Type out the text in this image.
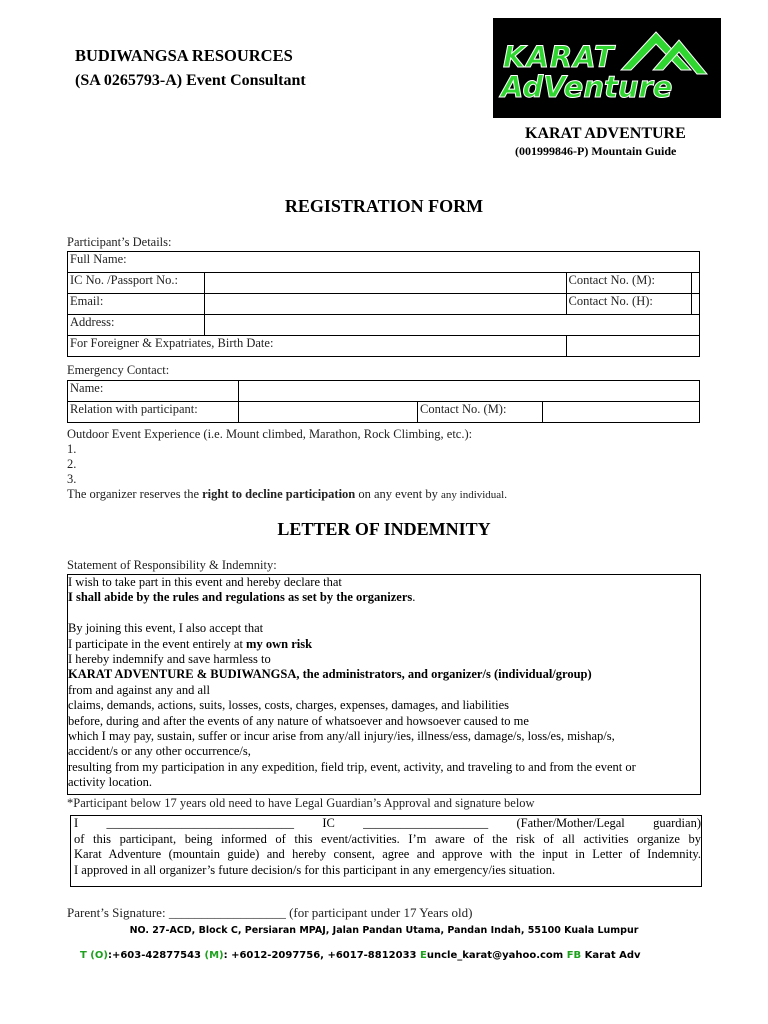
BUDIWANGSA RESOURCES
(SA 0265793-A) Event Consultant
KARAT
AdVenture
KARAT ADVENTURE
(001999846-P) Mountain Guide
REGISTRATION FORM
Participant’s Details:
Full Name:			
IC No. /Passport No.:		Contact No. (M):	
Email:		Contact No. (H):	
Address:			
For Foreigner & Expatriates, Birth Date:			
Emergency Contact:
Name:			
Relation with participant:		Contact No. (M):	
Outdoor Event Experience (i.e. Mount climbed, Marathon, Rock Climbing, etc.):
1.
2.
3.
The organizer reserves the right to decline participation on any event by any individual.
LETTER OF INDEMNITY
Statement of Responsibility & Indemnity:
I wish to take part in this event and hereby declare that
I shall abide by the rules and regulations as set by the organizers.

By joining this event, I also accept that
I participate in the event entirely at my own risk
I hereby indemnify and save harmless to
KARAT ADVENTURE & BUDIWANGSA, the administrators, and organizer/s (individual/group)
from and against any and all
claims, demands, actions, suits, losses, costs, charges, expenses, damages, and liabilities
before, during and after the events of any nature of whatsoever and howsoever caused to me
which I may pay, sustain, suffer or incur arise from any/all injury/ies, illness/ess, damage/s, loss/es, mishap/s,
accident/s or any other occurrence/s,
resulting from my participation in any expedition, field trip, event, activity, and traveling to and from the event or
activity location.
*Participant below 17 years old need to have Legal Guardian’s Approval and signature below
I ______________________________ IC ____________________ (Father/Mother/Legal guardian)
of this participant, being informed of this event/activities. I’m aware of the risk of all activities organize by
Karat Adventure (mountain guide) and hereby consent, agree and approve with the input in Letter of Indemnity.
I approved in all organizer’s future decision/s for this participant in any emergency/ies situation.
Parent’s Signature: __________________ (for participant under 17 Years old)
NO. 27-ACD, Block C, Persiaran MPAJ, Jalan Pandan Utama, Pandan Indah, 55100 Kuala Lumpur
T (O):+603-42877543 (M): +6012-2097756, +6017-8812033 Euncle_karat@yahoo.com FB Karat Adv
